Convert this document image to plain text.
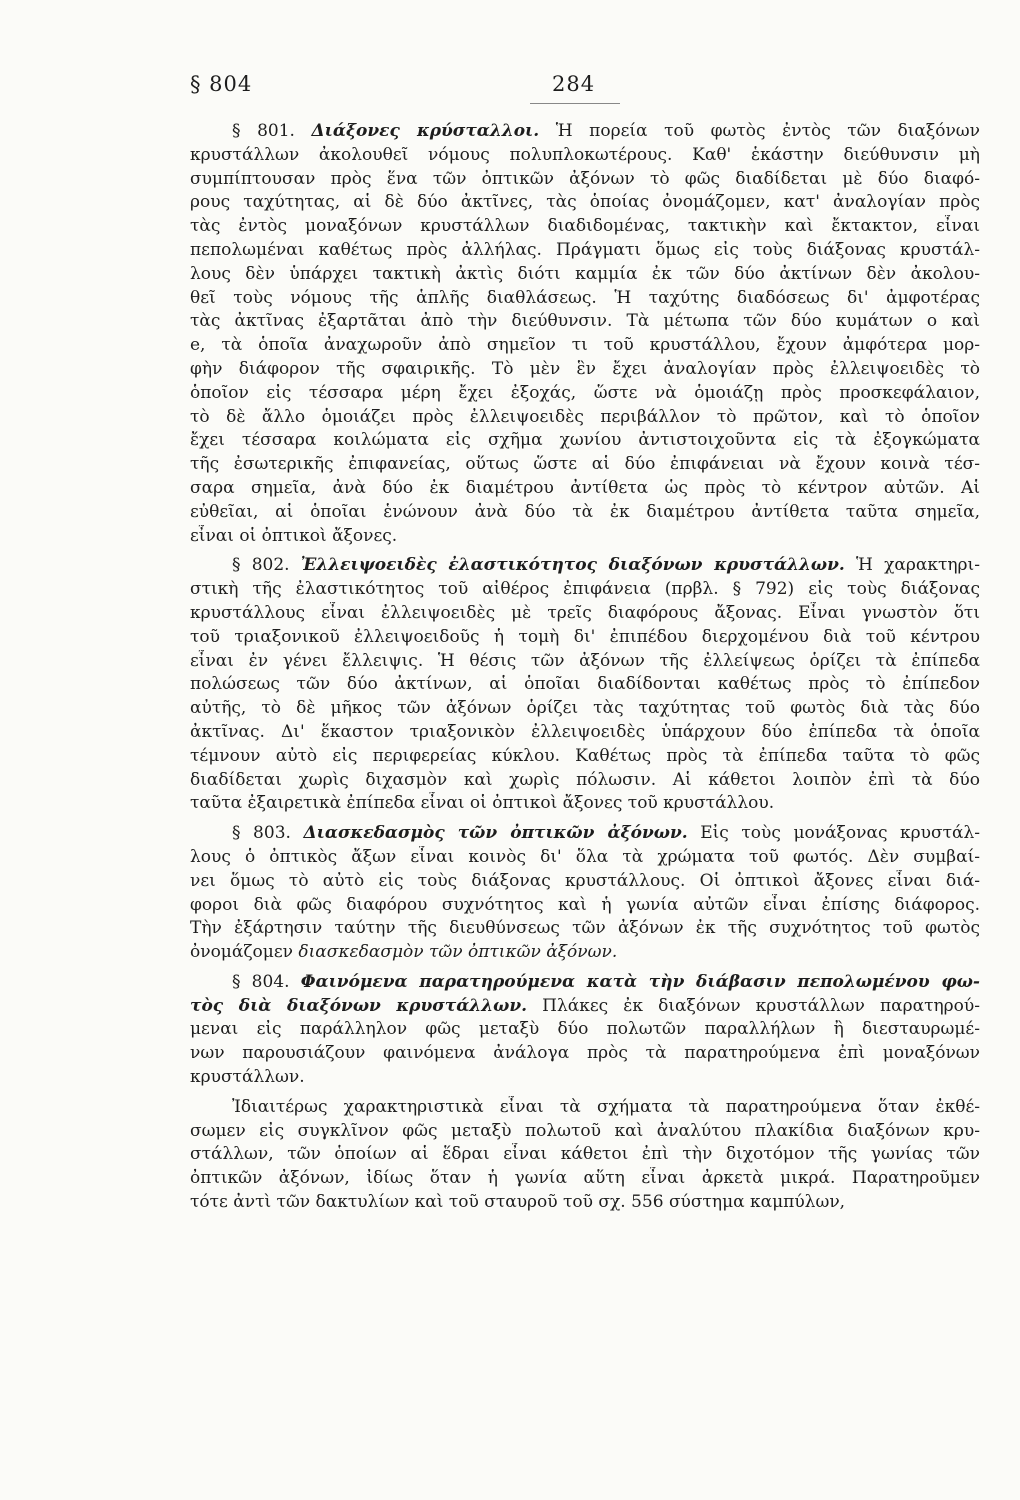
§ 804	284
§ 801. Διάξονες κρύσταλλοι. Ἡ πορεία τοῦ φωτὸς ἐντὸς τῶν διαξόνων
κρυστάλλων ἀκολουθεῖ νόμους πολυπλοκωτέρους. Καθ' ἑκάστην διεύθυνσιν μὴ
συμπίπτουσαν πρὸς ἕνα τῶν ὀπτικῶν ἀξόνων τὸ φῶς διαδίδεται μὲ δύο διαφό-
ρους ταχύτητας, αἱ δὲ δύο ἀκτῖνες, τὰς ὁποίας ὀνομάζομεν, κατ' ἀναλογίαν πρὸς
τὰς ἐντὸς μοναξόνων κρυστάλλων διαδιδομένας, τακτικὴν καὶ ἔκτακτον, εἶναι
πεπολωμέναι καθέτως πρὸς ἀλλήλας. Πράγματι ὅμως εἰς τοὺς διάξονας κρυστάλ-
λους δὲν ὑπάρχει τακτικὴ ἀκτὶς διότι καμμία ἐκ τῶν δύο ἀκτίνων δὲν ἀκολου-
θεῖ τοὺς νόμους τῆς ἁπλῆς διαθλάσεως. Ἡ ταχύτης διαδόσεως δι' ἀμφοτέρας
τὰς ἀκτῖνας ἐξαρτᾶται ἀπὸ τὴν διεύθυνσιν. Τὰ μέτωπα τῶν δύο κυμάτων ο καὶ
e, τὰ ὁποῖα ἀναχωροῦν ἀπὸ σημεῖον τι τοῦ κρυστάλλου, ἔχουν ἀμφότερα μορ-
φὴν διάφορον τῆς σφαιρικῆς. Τὸ μὲν ἓν ἔχει ἀναλογίαν πρὸς ἐλλειψοειδὲς τὸ
ὁποῖον εἰς τέσσαρα μέρη ἔχει ἐξοχάς, ὥστε νὰ ὁμοιάζῃ πρὸς προσκεφάλαιον,
τὸ δὲ ἄλλο ὁμοιάζει πρὸς ἐλλειψοειδὲς περιβάλλον τὸ πρῶτον, καὶ τὸ ὁποῖον
ἔχει τέσσαρα κοιλώματα εἰς σχῆμα χωνίου ἀντιστοιχοῦντα εἰς τὰ ἐξογκώματα
τῆς ἐσωτερικῆς ἐπιφανείας, οὕτως ὥστε αἱ δύο ἐπιφάνειαι νὰ ἔχουν κοινὰ τέσ-
σαρα σημεῖα, ἀνὰ δύο ἐκ διαμέτρου ἀντίθετα ὡς πρὸς τὸ κέντρον αὐτῶν. Αἱ
εὐθεῖαι, αἱ ὁποῖαι ἑνώνουν ἀνὰ δύο τὰ ἐκ διαμέτρου ἀντίθετα ταῦτα σημεῖα,
εἶναι οἱ ὀπτικοὶ ἄξονες.
§ 802. Ἐλλειψοειδὲς ἐλαστικότητος διαξόνων κρυστάλλων. Ἡ χαρακτηρι-
στικὴ τῆς ἐλαστικότητος τοῦ αἰθέρος ἐπιφάνεια (πρβλ. § 792) εἰς τοὺς διάξονας
κρυστάλλους εἶναι ἐλλειψοειδὲς μὲ τρεῖς διαφόρους ἄξονας. Εἶναι γνωστὸν ὅτι
τοῦ τριαξονικοῦ ἐλλειψοειδοῦς ἡ τομὴ δι' ἐπιπέδου διερχομένου διὰ τοῦ κέντρου
εἶναι ἐν γένει ἔλλειψις. Ἡ θέσις τῶν ἀξόνων τῆς ἐλλείψεως ὁρίζει τὰ ἐπίπεδα
πολώσεως τῶν δύο ἀκτίνων, αἱ ὁποῖαι διαδίδονται καθέτως πρὸς τὸ ἐπίπεδον
αὐτῆς, τὸ δὲ μῆκος τῶν ἀξόνων ὁρίζει τὰς ταχύτητας τοῦ φωτὸς διὰ τὰς δύο
ἀκτῖνας. Δι' ἕκαστον τριαξονικὸν ἐλλειψοειδὲς ὑπάρχουν δύο ἐπίπεδα τὰ ὁποῖα
τέμνουν αὐτὸ εἰς περιφερείας κύκλου. Καθέτως πρὸς τὰ ἐπίπεδα ταῦτα τὸ φῶς
διαδίδεται χωρὶς διχασμὸν καὶ χωρὶς πόλωσιν. Αἱ κάθετοι λοιπὸν ἐπὶ τὰ δύο
ταῦτα ἐξαιρετικὰ ἐπίπεδα εἶναι οἱ ὀπτικοὶ ἄξονες τοῦ κρυστάλλου.
§ 803. Διασκεδασμὸς τῶν ὀπτικῶν ἀξόνων. Εἰς τοὺς μονάξονας κρυστάλ-
λους ὁ ὀπτικὸς ἄξων εἶναι κοινὸς δι' ὅλα τὰ χρώματα τοῦ φωτός. Δὲν συμβαί-
νει ὅμως τὸ αὐτὸ εἰς τοὺς διάξονας κρυστάλλους. Οἱ ὀπτικοὶ ἄξονες εἶναι διά-
φοροι διὰ φῶς διαφόρου συχνότητος καὶ ἡ γωνία αὐτῶν εἶναι ἐπίσης διάφορος.
Τὴν ἐξάρτησιν ταύτην τῆς διευθύνσεως τῶν ἀξόνων ἐκ τῆς συχνότητος τοῦ φωτὸς
ὀνομάζομεν διασκεδασμὸν τῶν ὀπτικῶν ἀξόνων.
§ 804. Φαινόμενα παρατηρούμενα κατὰ τὴν διάβασιν πεπολωμένου φω-
τὸς διὰ διαξόνων κρυστάλλων. Πλάκες ἐκ διαξόνων κρυστάλλων παρατηρού-
μεναι εἰς παράλληλον φῶς μεταξὺ δύο πολωτῶν παραλλήλων ἢ διεσταυρωμέ-
νων παρουσιάζουν φαινόμενα ἀνάλογα πρὸς τὰ παρατηρούμενα ἐπὶ μοναξόνων
κρυστάλλων.
Ἰδιαιτέρως χαρακτηριστικὰ εἶναι τὰ σχήματα τὰ παρατηρούμενα ὅταν ἐκθέ-
σωμεν εἰς συγκλῖνον φῶς μεταξὺ πολωτοῦ καὶ ἀναλύτου πλακίδια διαξόνων κρυ-
στάλλων, τῶν ὁποίων αἱ ἕδραι εἶναι κάθετοι ἐπὶ τὴν διχοτόμον τῆς γωνίας τῶν
ὀπτικῶν ἀξόνων, ἰδίως ὅταν ἡ γωνία αὕτη εἶναι ἀρκετὰ μικρά. Παρατηροῦμεν
τότε ἀντὶ τῶν δακτυλίων καὶ τοῦ σταυροῦ τοῦ σχ. 556 σύστημα καμπύλων,
